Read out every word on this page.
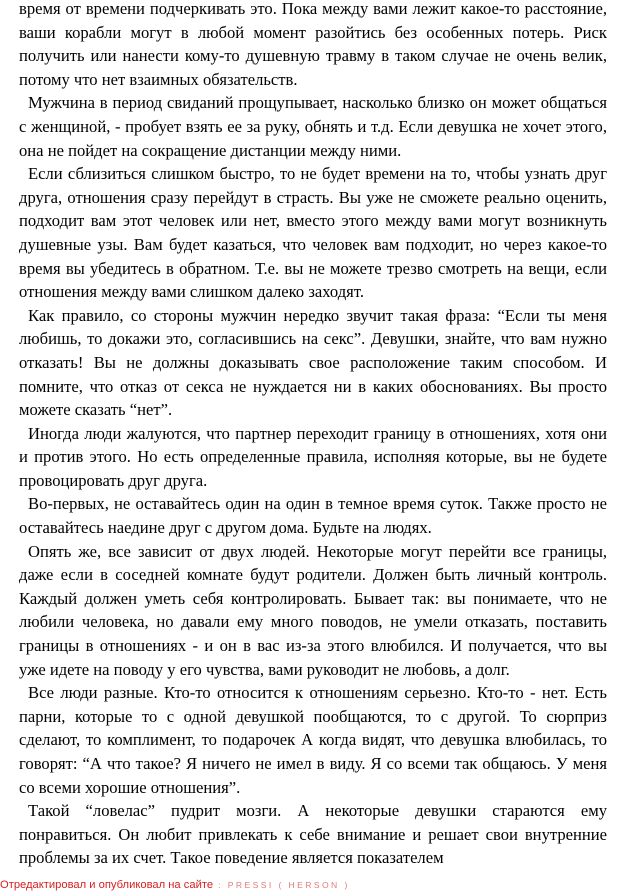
время от времени подчеркивать это. Пока между вами лежит какое-то расстояние, ваши корабли могут в любой момент разойтись без особенных потерь. Риск получить или нанести кому-то душевную травму в таком случае не очень велик, потому что нет взаимных обязательств.

Мужчина в период свиданий прощупывает, насколько близко он может общаться с женщиной, - пробует взять ее за руку, обнять и т.д. Если девушка не хочет этого, она не пойдет на сокращение дистанции между ними.

Если сблизиться слишком быстро, то не будет времени на то, чтобы узнать друг друга, отношения сразу перейдут в страсть. Вы уже не сможете реально оценить, подходит вам этот человек или нет, вместо этого между вами могут возникнуть душевные узы. Вам будет казаться, что человек вам подходит, но через какое-то время вы убедитесь в обратном. Т.е. вы не можете трезво смотреть на вещи, если отношения между вами слишком далеко заходят.

Как правило, со стороны мужчин нередко звучит такая фраза: “Если ты меня любишь, то докажи это, согласившись на секс”. Девушки, знайте, что вам нужно отказать! Вы не должны доказывать свое расположение таким способом. И помните, что отказ от секса не нуждается ни в каких обоснованиях. Вы просто можете сказать “нет”.

Иногда люди жалуются, что партнер переходит границу в отношениях, хотя они и против этого. Но есть определенные правила, исполняя которые, вы не будете провоцировать друг друга.

Во-первых, не оставайтесь один на один в темное время суток. Также просто не оставайтесь наедине друг с другом дома. Будьте на людях.

Опять же, все зависит от двух людей. Некоторые могут перейти все границы, даже если в соседней комнате будут родители. Должен быть личный контроль. Каждый должен уметь себя контролировать. Бывает так: вы понимаете, что не любили человека, но давали ему много поводов, не умели отказать, поставить границы в отношениях - и он в вас из-за этого влюбился. И получается, что вы уже идете на поводу у его чувства, вами руководит не любовь, а долг.

Все люди разные. Кто-то относится к отношениям серьезно. Кто-то - нет. Есть парни, которые то с одной девушкой пообщаются, то с другой. То сюрприз сделают, то комплимент, то подарочек А когда видят, что девушка влюбилась, то говорят: “А что такое? Я ничего не имел в виду. Я со всеми так общаюсь. У меня со всеми хорошие отношения”.

Такой “ловелас” пудрит мозги. А некоторые девушки стараются ему понравиться. Он любит привлекать к себе внимание и решает свои внутренние проблемы за их счет. Такое поведение является показателем

Отредактировал и опубликовал на сайте : PRESSI ( HERSON )
